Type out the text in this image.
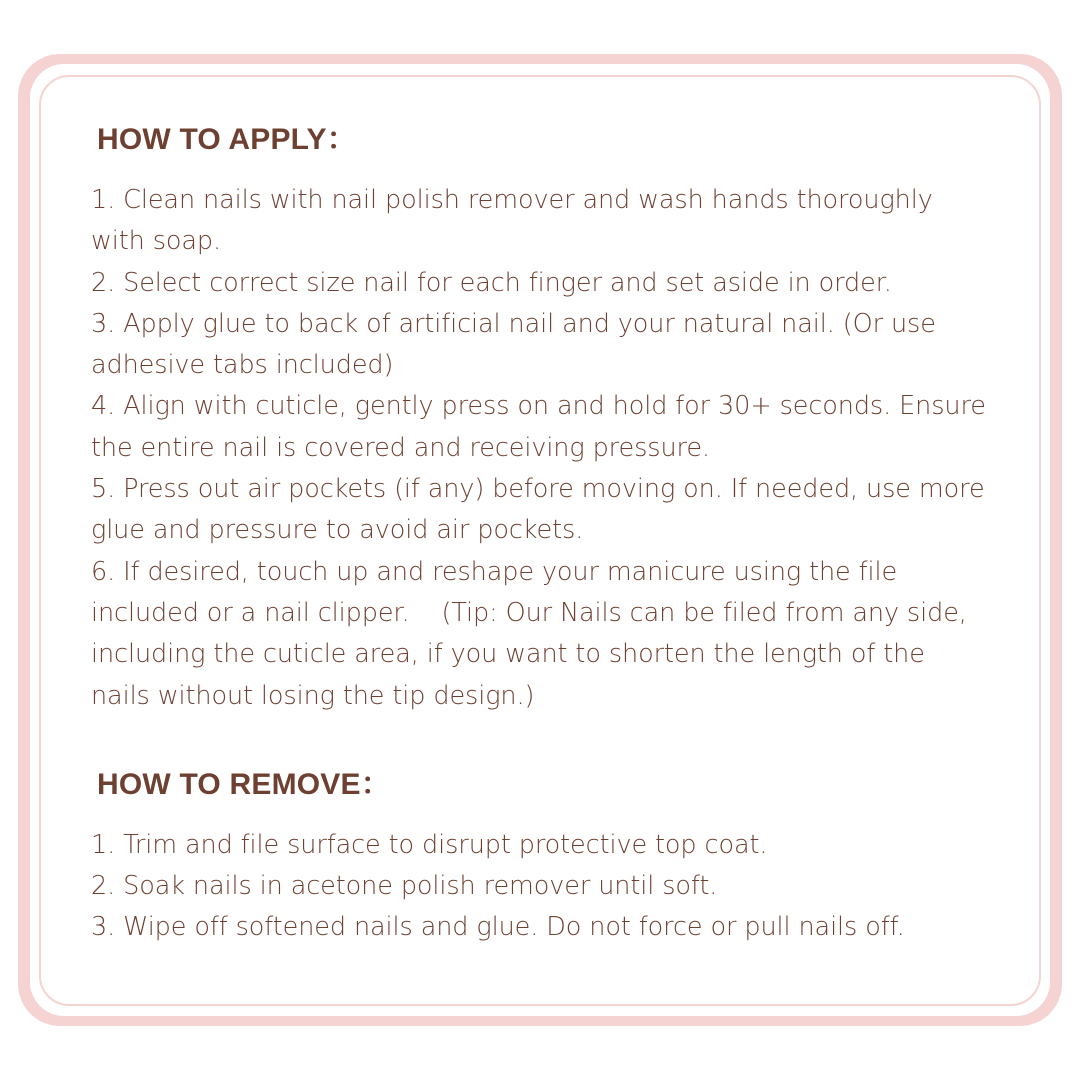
HOW TO APPLY：
1. Clean nails with nail polish remover and wash hands thoroughly with soap.
2. Select correct size nail for each finger and set aside in order.
3. Apply glue to back of artificial nail and your natural nail. (Or use adhesive tabs included)
4. Align with cuticle, gently press on and hold for 30+ seconds. Ensure the entire nail is covered and receiving pressure.
5. Press out air pockets (if any) before moving on. If needed, use more glue and pressure to avoid air pockets.
6. If desired, touch up and reshape your manicure using the file included or a nail clipper.    (Tip: Our Nails can be filed from any side, including the cuticle area, if you want to shorten the length of the nails without losing the tip design.)
HOW TO REMOVE：
1. Trim and file surface to disrupt protective top coat.
2. Soak nails in acetone polish remover until soft.
3. Wipe off softened nails and glue. Do not force or pull nails off.
